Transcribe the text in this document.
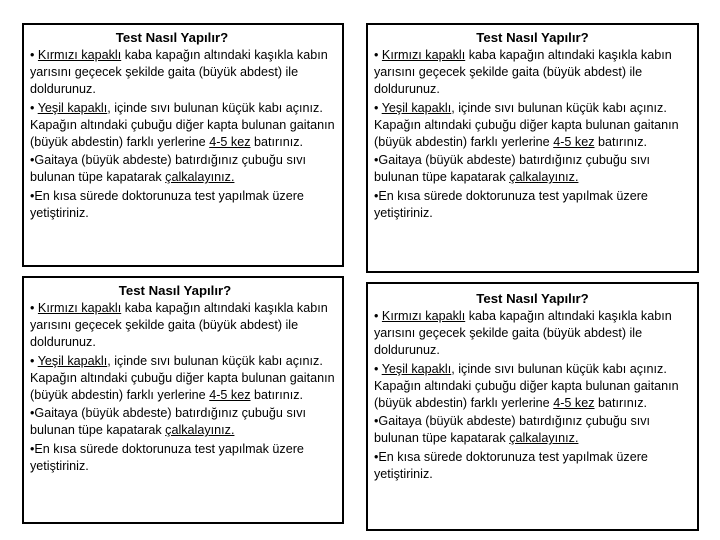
Test Nasıl Yapılır?

• Kırmızı kapaklı kaba kapağın altındaki kaşıkla kabın yarısını geçecek şekilde gaita (büyük abdest) ile doldurunuz.

• Yeşil kapaklı, içinde sıvı bulunan küçük kabı açınız. Kapağın altındaki çubuğu diğer kapta bulunan gaitanın (büyük abdestin) farklı yerlerine 4-5 kez batırınız.

•Gaitaya (büyük abdeste) batırdığınız çubuğu sıvı bulunan tüpe kapatarak çalkalayınız.

•En kısa sürede doktorunuza test yapılmak üzere yetiştiriniz.

Test Nasıl Yapılır?

• Kırmızı kapaklı kaba kapağın altındaki kaşıkla kabın yarısını geçecek şekilde gaita (büyük abdest) ile doldurunuz.

• Yeşil kapaklı, içinde sıvı bulunan küçük kabı açınız. Kapağın altındaki çubuğu diğer kapta bulunan gaitanın (büyük abdestin) farklı yerlerine 4-5 kez batırınız.

•Gaitaya (büyük abdeste) batırdığınız çubuğu sıvı bulunan tüpe kapatarak çalkalayınız.

•En kısa sürede doktorunuza test yapılmak üzere yetiştiriniz.

Test Nasıl Yapılır?

• Kırmızı kapaklı kaba kapağın altındaki kaşıkla kabın yarısını geçecek şekilde gaita (büyük abdest) ile doldurunuz.

• Yeşil kapaklı, içinde sıvı bulunan küçük kabı açınız. Kapağın altındaki çubuğu diğer kapta bulunan gaitanın (büyük abdestin) farklı yerlerine 4-5 kez batırınız.

•Gaitaya (büyük abdeste) batırdığınız çubuğu sıvı bulunan tüpe kapatarak çalkalayınız.

•En kısa sürede doktorunuza test yapılmak üzere yetiştiriniz.

Test Nasıl Yapılır?

• Kırmızı kapaklı kaba kapağın altındaki kaşıkla kabın yarısını geçecek şekilde gaita (büyük abdest) ile doldurunuz.

• Yeşil kapaklı, içinde sıvı bulunan küçük kabı açınız. Kapağın altındaki çubuğu diğer kapta bulunan gaitanın (büyük abdestin) farklı yerlerine 4-5 kez batırınız.

•Gaitaya (büyük abdeste) batırdığınız çubuğu sıvı bulunan tüpe kapatarak çalkalayınız.

•En kısa sürede doktorunuza test yapılmak üzere yetiştiriniz.
